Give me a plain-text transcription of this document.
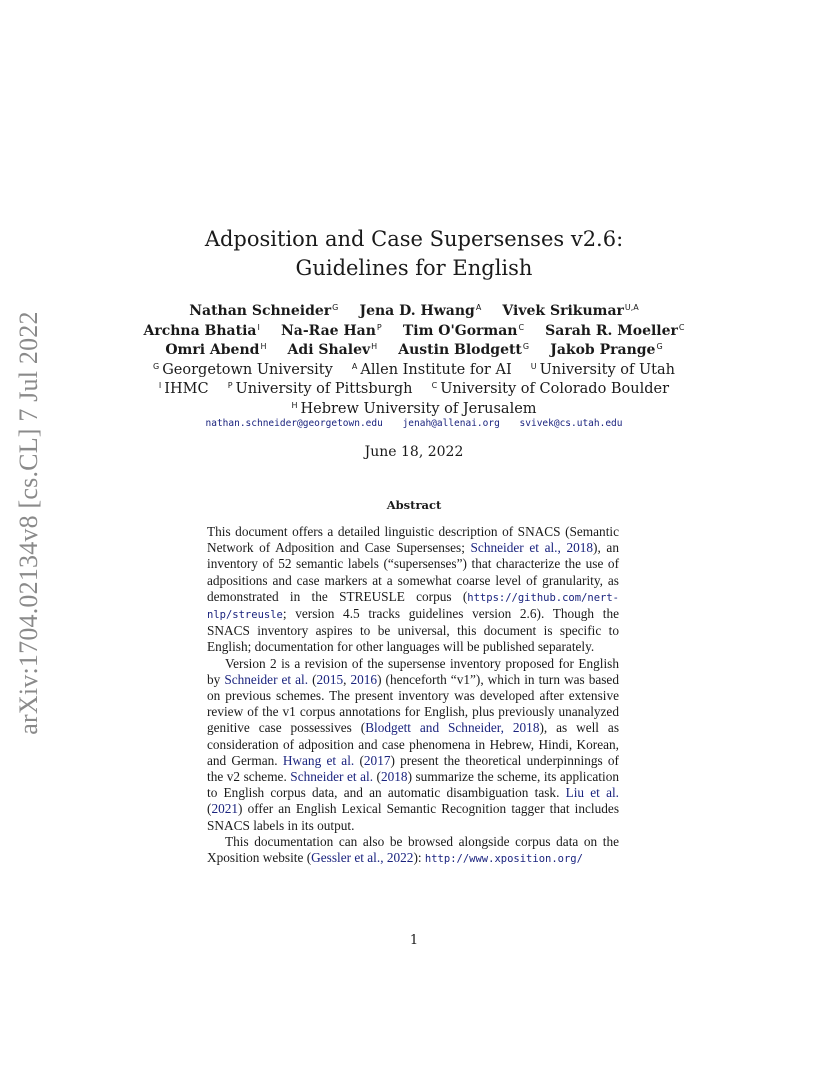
arXiv:1704.02134v8 [cs.CL] 7 Jul 2022
Adposition and Case Supersenses v2.6:
Guidelines for English
Nathan Schneider$^G$ Jena D. Hwang$^A$ Vivek Srikumar$^{U,A}$
Archna Bhatia$^I$ Na-Rae Han$^P$ Tim O'Gorman$^C$ Sarah R. Moeller$^C$
Omri Abend$^H$ Adi Shalev$^H$ Austin Blodgett$^G$ Jakob Prange$^G$
$^G$ Georgetown University $^A$ Allen Institute for AI $^U$ University of Utah
$^I$ IHMC $^P$ University of Pittsburgh $^C$ University of Colorado Boulder
$^H$ Hebrew University of Jerusalem
nathan.schneider@georgetown.edu jenah@allenai.org svivek@cs.utah.edu
June 18, 2022
Abstract

This document offers a detailed linguistic description of SNACS (Semantic Network of Adposition and Case Supersenses; Schneider et al., 2018), an inventory of 52 semantic labels (“supersenses”) that characterize the use of adpositions and case markers at a somewhat coarse level of granularity, as demonstrated in the STREUSLE corpus (https://github.com/nert-nlp/streusle; version 4.5 tracks guidelines version 2.6). Though the SNACS inventory aspires to be universal, this document is specific to English; documentation for other languages will be published separately.

Version 2 is a revision of the supersense inventory proposed for English by Schneider et al. (2015, 2016) (henceforth “v1”), which in turn was based on previous schemes. The present inventory was developed after extensive review of the v1 corpus annotations for English, plus previously unanalyzed genitive case possessives (Blodgett and Schneider, 2018), as well as consideration of adposition and case phenomena in Hebrew, Hindi, Korean, and German. Hwang et al. (2017) present the theoretical underpinnings of the v2 scheme. Schneider et al. (2018) summarize the scheme, its application to English corpus data, and an automatic disambiguation task. Liu et al. (2021) offer an English Lexical Semantic Recognition tagger that includes SNACS labels in its output.

This documentation can also be browsed alongside corpus data on the Xposition website (Gessler et al., 2022): http://www.xposition.org/

1
